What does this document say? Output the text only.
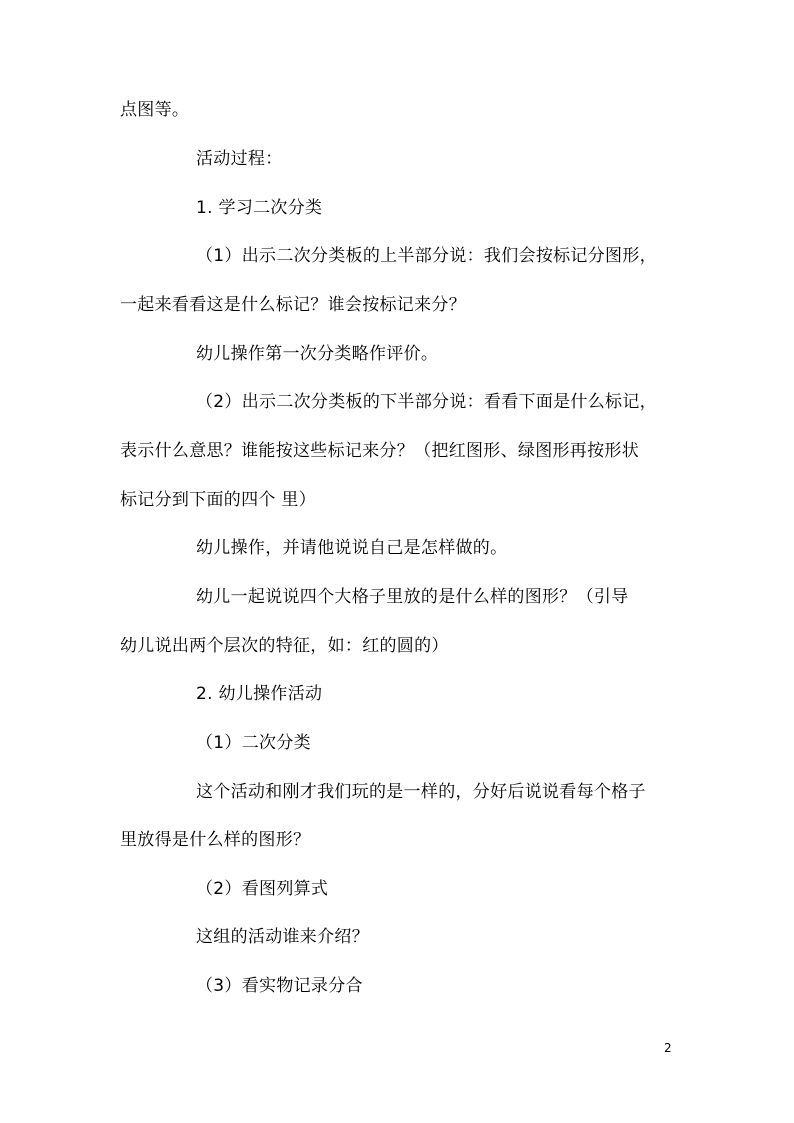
点图等。
活动过程：
1. 学习二次分类
（1）出示二次分类板的上半部分说：我们会按标记分图形，
一起来看看这是什么标记？谁会按标记来分？
幼儿操作第一次分类略作评价。
（2）出示二次分类板的下半部分说：看看下面是什么标记，
表示什么意思？谁能按这些标记来分？（把红图形、绿图形再按形状
标记分到下面的四个 里）
幼儿操作，并请他说说自己是怎样做的。
幼儿一起说说四个大格子里放的是什么样的图形？（引导
幼儿说出两个层次的特征，如：红的圆的）
2. 幼儿操作活动
（1）二次分类
这个活动和刚才我们玩的是一样的，分好后说说看每个格子
里放得是什么样的图形？
（2）看图列算式
这组的活动谁来介绍？
（3）看实物记录分合
2
